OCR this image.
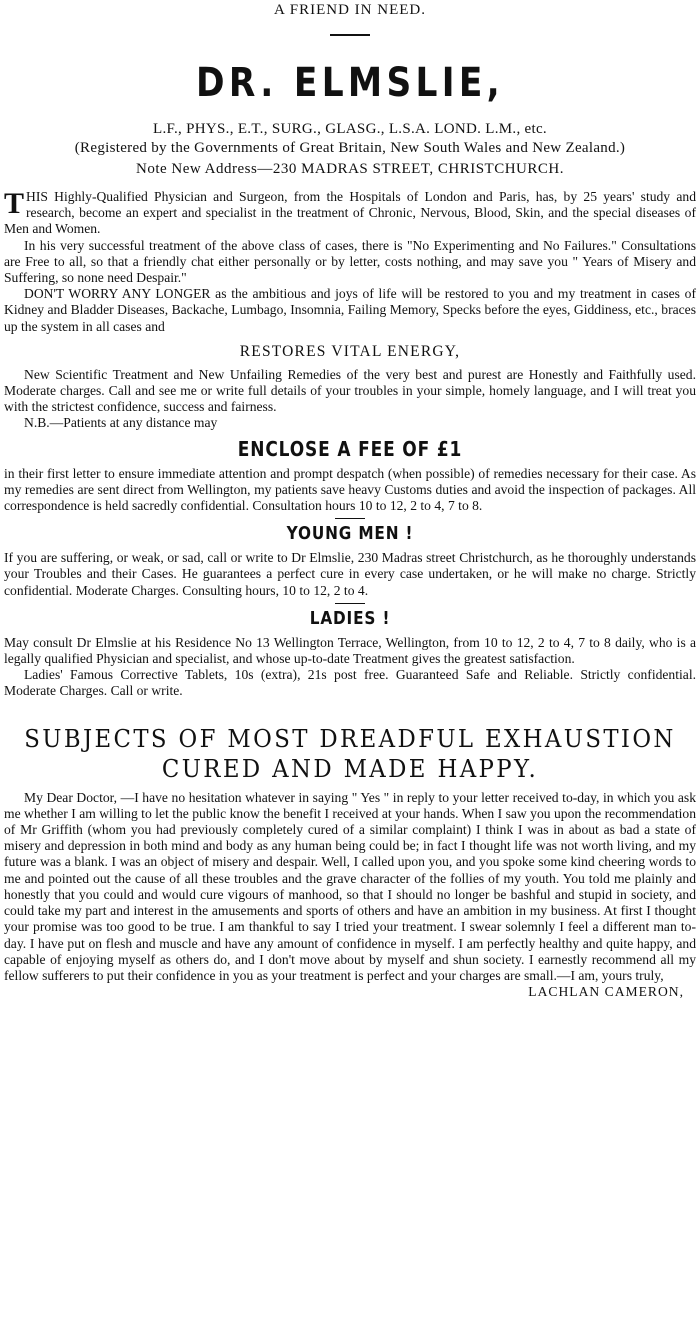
A FRIEND IN NEED.
DR. ELMSLIE,
L.F., PHYS., E.T., SURG., GLASG., L.S.A. LOND. L.M., etc.
(Registered by the Governments of Great Britain, New South Wales and New Zealand.)
Note New Address—230 MADRAS STREET, CHRISTCHURCH.

THIS Highly-Qualified Physician and Surgeon, from the Hospitals of London and Paris, has, by 25 years' study and research, become an expert and specialist in the treatment of Chronic, Nervous, Blood, Skin, and the special diseases of Men and Women.

In his very successful treatment of the above class of cases, there is "No Experimenting and No Failures." Consultations are Free to all, so that a friendly chat either personally or by letter, costs nothing, and may save you " Years of Misery and Suffering, so none need Despair."

DON'T WORRY ANY LONGER as the ambitious and joys of life will be restored to you and my treatment in cases of Kidney and Bladder Diseases, Backache, Lumbago, Insomnia, Failing Memory, Specks before the eyes, Giddiness, etc., braces up the system in all cases and

RESTORES VITAL ENERGY,

New Scientific Treatment and New Unfailing Remedies of the very best and purest are Honestly and Faithfully used. Moderate charges. Call and see me or write full details of your troubles in your simple, homely language, and I will treat you with the strictest confidence, success and fairness.

N.B.—Patients at any distance may

ENCLOSE A FEE OF £1

in their first letter to ensure immediate attention and prompt despatch (when possible) of remedies necessary for their case. As my remedies are sent direct from Wellington, my patients save heavy Customs duties and avoid the inspection of packages. All correspondence is held sacredly confidential. Consultation hours 10 to 12, 2 to 4, 7 to 8.

YOUNG MEN !

If you are suffering, or weak, or sad, call or write to Dr Elmslie, 230 Madras street Christchurch, as he thoroughly understands your Troubles and their Cases. He guarantees a perfect cure in every case undertaken, or he will make no charge. Strictly confidential. Moderate Charges. Consulting hours, 10 to 12, 2 to 4.

LADIES !

May consult Dr Elmslie at his Residence No 13 Wellington Terrace, Wellington, from 10 to 12, 2 to 4, 7 to 8 daily, who is a legally qualified Physician and specialist, and whose up-to-date Treatment gives the greatest satisfaction.

Ladies' Famous Corrective Tablets, 10s (extra), 21s post free. Guaranteed Safe and Reliable. Strictly confidential. Moderate Charges. Call or write.

SUBJECTS OF MOST DREADFUL EXHAUSTION
CURED AND MADE HAPPY.

My Dear Doctor, —I have no hesitation whatever in saying " Yes " in reply to your letter received to-day, in which you ask me whether I am willing to let the public know the benefit I received at your hands. When I saw you upon the recommendation of Mr Griffith (whom you had previously completely cured of a similar complaint) I think I was in about as bad a state of misery and depression in both mind and body as any human being could be; in fact I thought life was not worth living, and my future was a blank. I was an object of misery and despair. Well, I called upon you, and you spoke some kind cheering words to me and pointed out the cause of all these troubles and the grave character of the follies of my youth. You told me plainly and honestly that you could and would cure vigours of manhood, so that I should no longer be bashful and stupid in society, and could take my part and interest in the amusements and sports of others and have an ambition in my business. At first I thought your promise was too good to be true. I am thankful to say I tried your treatment. I swear solemnly I feel a different man to-day. I have put on flesh and muscle and have any amount of confidence in myself. I am perfectly healthy and quite happy, and capable of enjoying myself as others do, and I don't move about by myself and shun society. I earnestly recommend all my fellow sufferers to put their confidence in you as your treatment is perfect and your charges are small.—I am, yours truly,

LACHLAN CAMERON,
